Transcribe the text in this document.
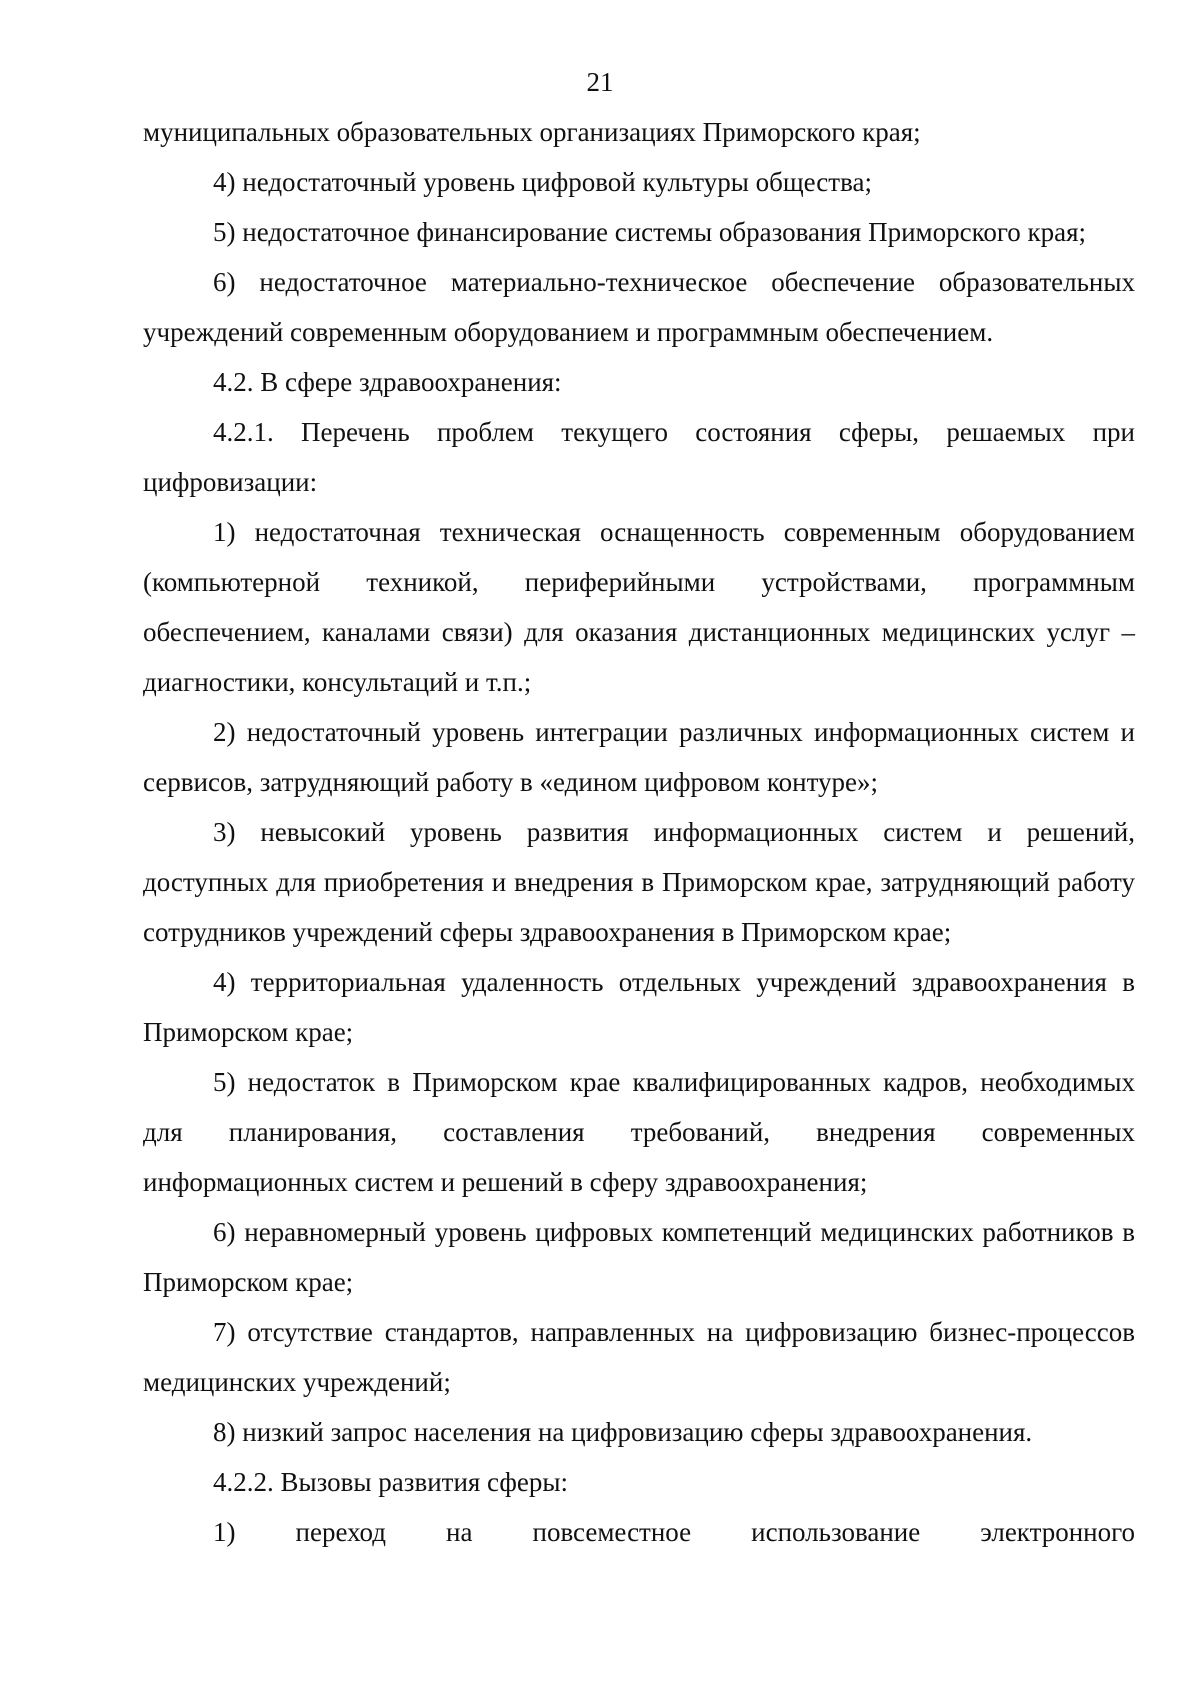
21

муниципальных образовательных организациях Приморского края;

4) недостаточный уровень цифровой культуры общества;

5) недостаточное финансирование системы образования Приморского края;

6) недостаточное материально-техническое обеспечение образовательных учреждений современным оборудованием и программным обеспечением.

4.2. В сфере здравоохранения:

4.2.1. Перечень проблем текущего состояния сферы, решаемых при цифровизации:

1) недостаточная техническая оснащенность современным оборудованием (компьютерной техникой, периферийными устройствами, программным обеспечением, каналами связи) для оказания дистанционных медицинских услуг – диагностики, консультаций и т.п.;

2) недостаточный уровень интеграции различных информационных систем и сервисов, затрудняющий работу в «едином цифровом контуре»;

3) невысокий уровень развития информационных систем и решений, доступных для приобретения и внедрения в Приморском крае, затрудняющий работу сотрудников учреждений сферы здравоохранения в Приморском крае;

4) территориальная удаленность отдельных учреждений здравоохранения в Приморском крае;

5) недостаток в Приморском крае квалифицированных кадров, необходимых для планирования, составления требований, внедрения современных информационных систем и решений в сферу здравоохранения;

6) неравномерный уровень цифровых компетенций медицинских работников в Приморском крае;

7) отсутствие стандартов, направленных на цифровизацию бизнес-процессов медицинских учреждений;

8) низкий запрос населения на цифровизацию сферы здравоохранения.

4.2.2. Вызовы развития сферы:

1) переход на повсеместное использование электронного
